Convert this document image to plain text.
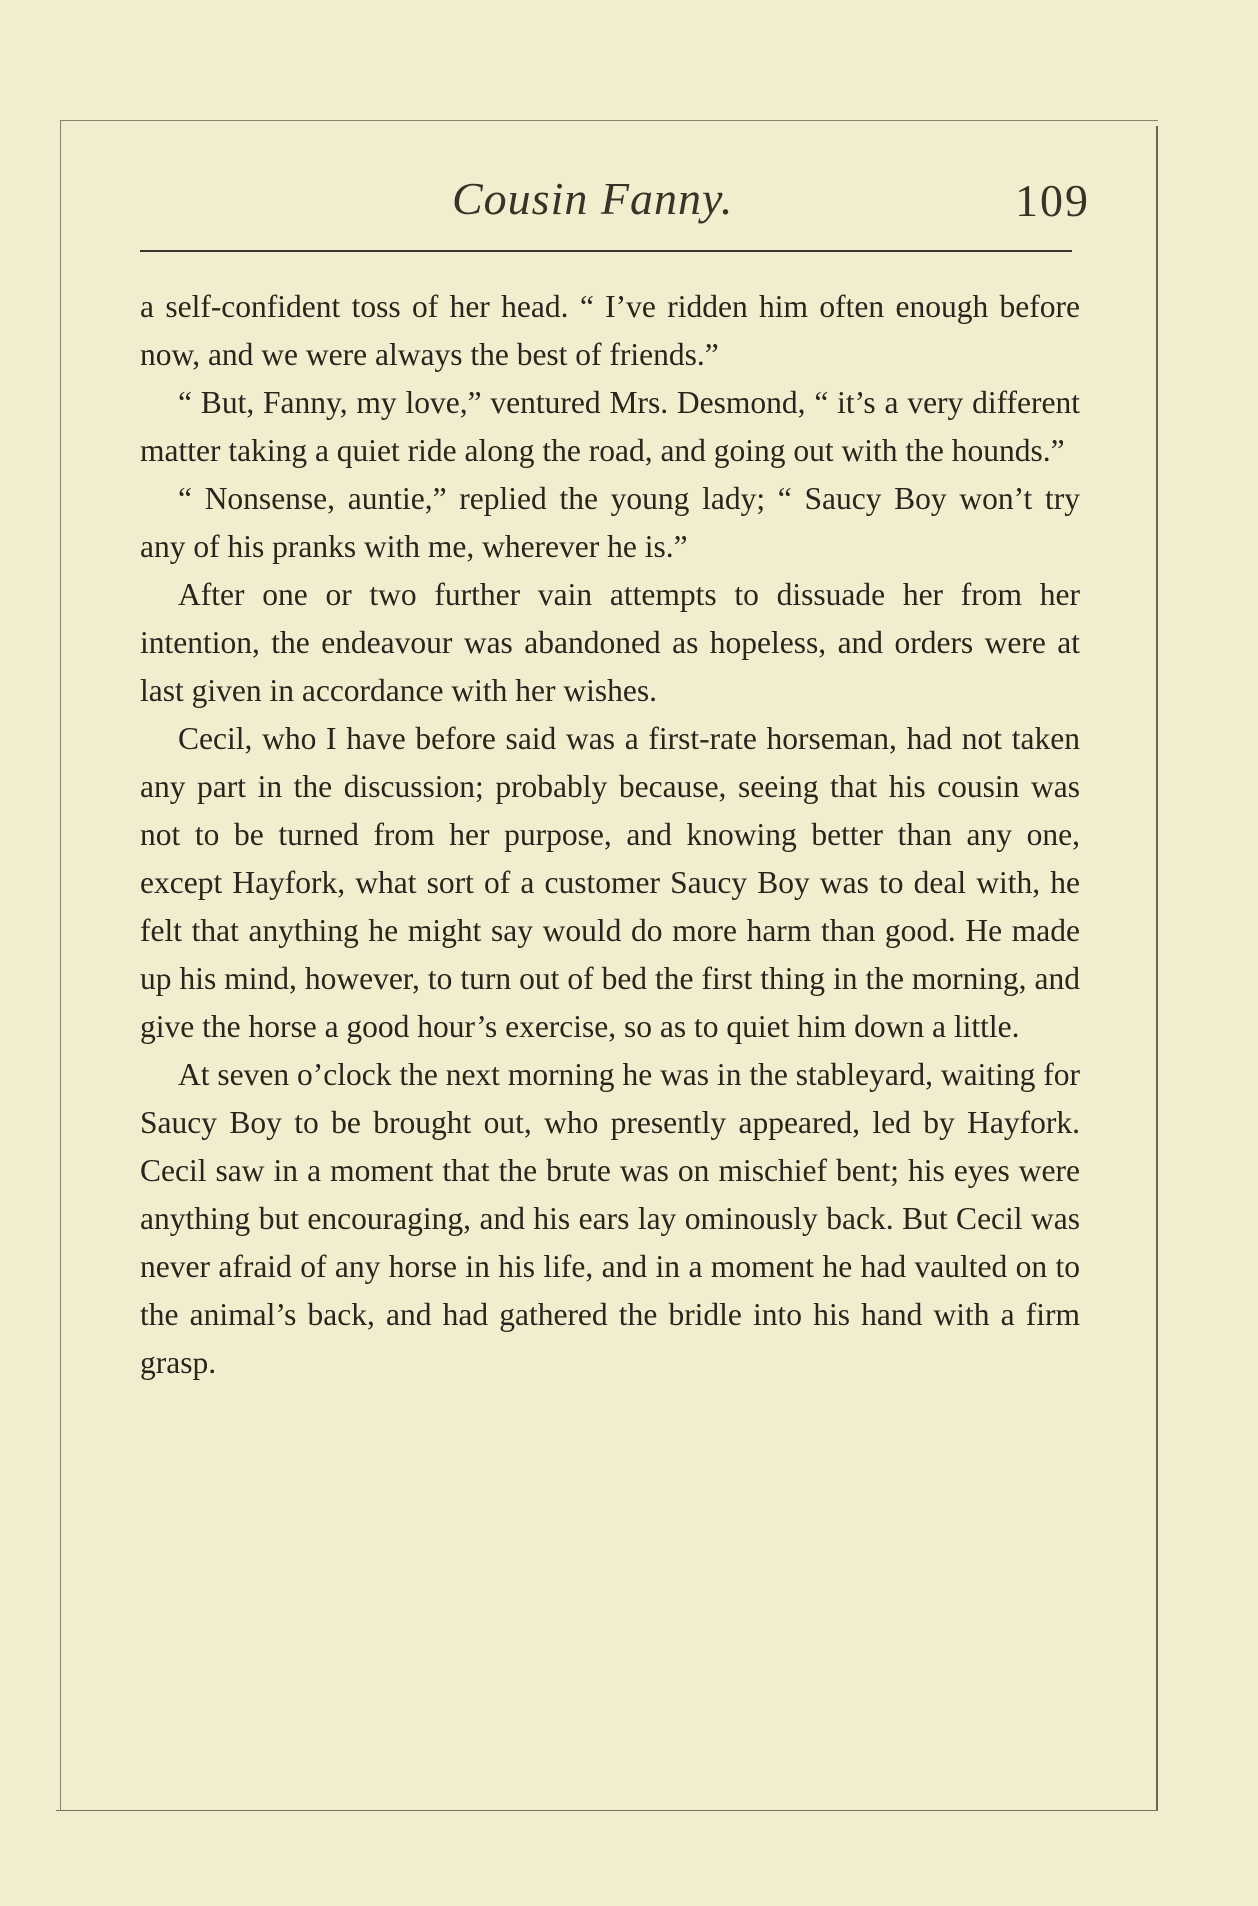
Cousin Fanny.	109

a self-confident toss of her head. “ I’ve ridden him often enough before now, and we were always the best of friends.”

“ But, Fanny, my love,” ventured Mrs. Desmond, “ it’s a very different matter taking a quiet ride along the road, and going out with the hounds.”

“ Nonsense, auntie,” replied the young lady; “ Saucy Boy won’t try any of his pranks with me, wherever he is.”

After one or two further vain attempts to dissuade her from her intention, the endeavour was abandoned as hopeless, and orders were at last given in accordance with her wishes.

Cecil, who I have before said was a first-rate horseman, had not taken any part in the discussion; probably because, seeing that his cousin was not to be turned from her purpose, and knowing better than any one, except Hayfork, what sort of a customer Saucy Boy was to deal with, he felt that anything he might say would do more harm than good. He made up his mind, however, to turn out of bed the first thing in the morning, and give the horse a good hour’s exercise, so as to quiet him down a little.

At seven o’clock the next morning he was in the stableyard, waiting for Saucy Boy to be brought out, who presently appeared, led by Hayfork. Cecil saw in a moment that the brute was on mischief bent; his eyes were anything but encouraging, and his ears lay ominously back. But Cecil was never afraid of any horse in his life, and in a moment he had vaulted on to the animal’s back, and had gathered the bridle into his hand with a firm grasp.
